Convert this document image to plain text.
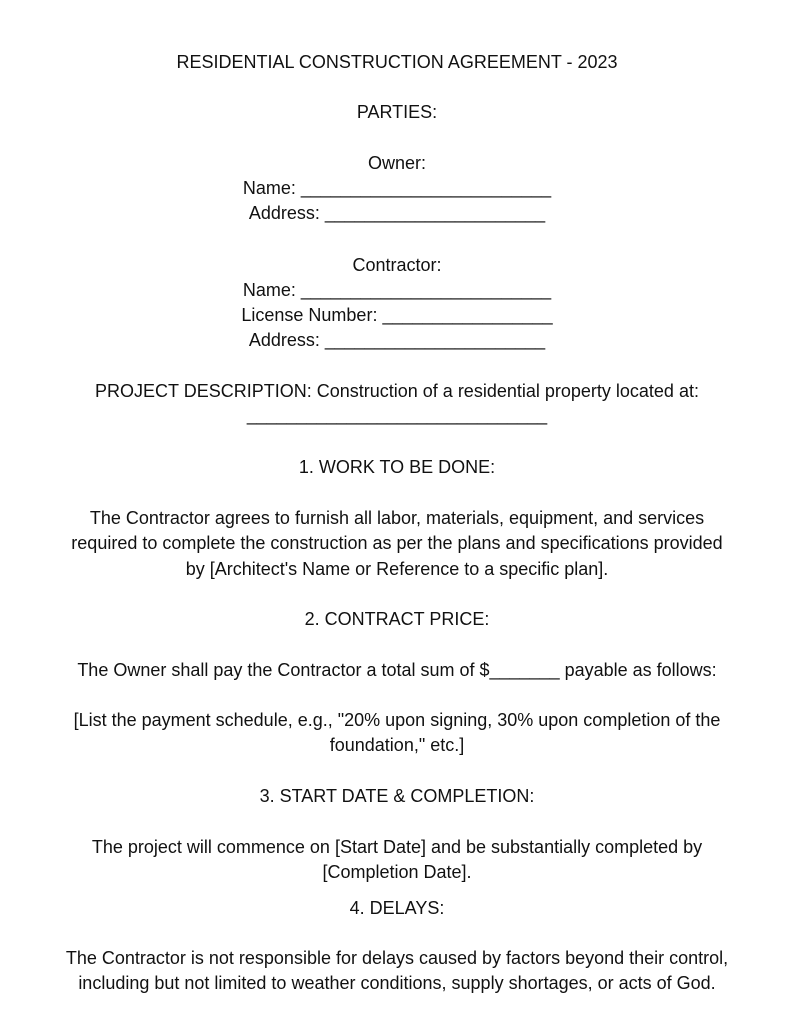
RESIDENTIAL CONSTRUCTION AGREEMENT - 2023
PARTIES:
Owner:
Name: _________________________
Address: ______________________
Contractor:
Name: _________________________
License Number: _________________
Address: ______________________
PROJECT DESCRIPTION: Construction of a residential property located at:
______________________________
1. WORK TO BE DONE:
The Contractor agrees to furnish all labor, materials, equipment, and services
required to complete the construction as per the plans and specifications provided
by [Architect's Name or Reference to a specific plan].
2. CONTRACT PRICE:
The Owner shall pay the Contractor a total sum of $_______ payable as follows:
[List the payment schedule, e.g., "20% upon signing, 30% upon completion of the
foundation," etc.]
3. START DATE & COMPLETION:
The project will commence on [Start Date] and be substantially completed by
[Completion Date].
4. DELAYS:
The Contractor is not responsible for delays caused by factors beyond their control,
including but not limited to weather conditions, supply shortages, or acts of God.
